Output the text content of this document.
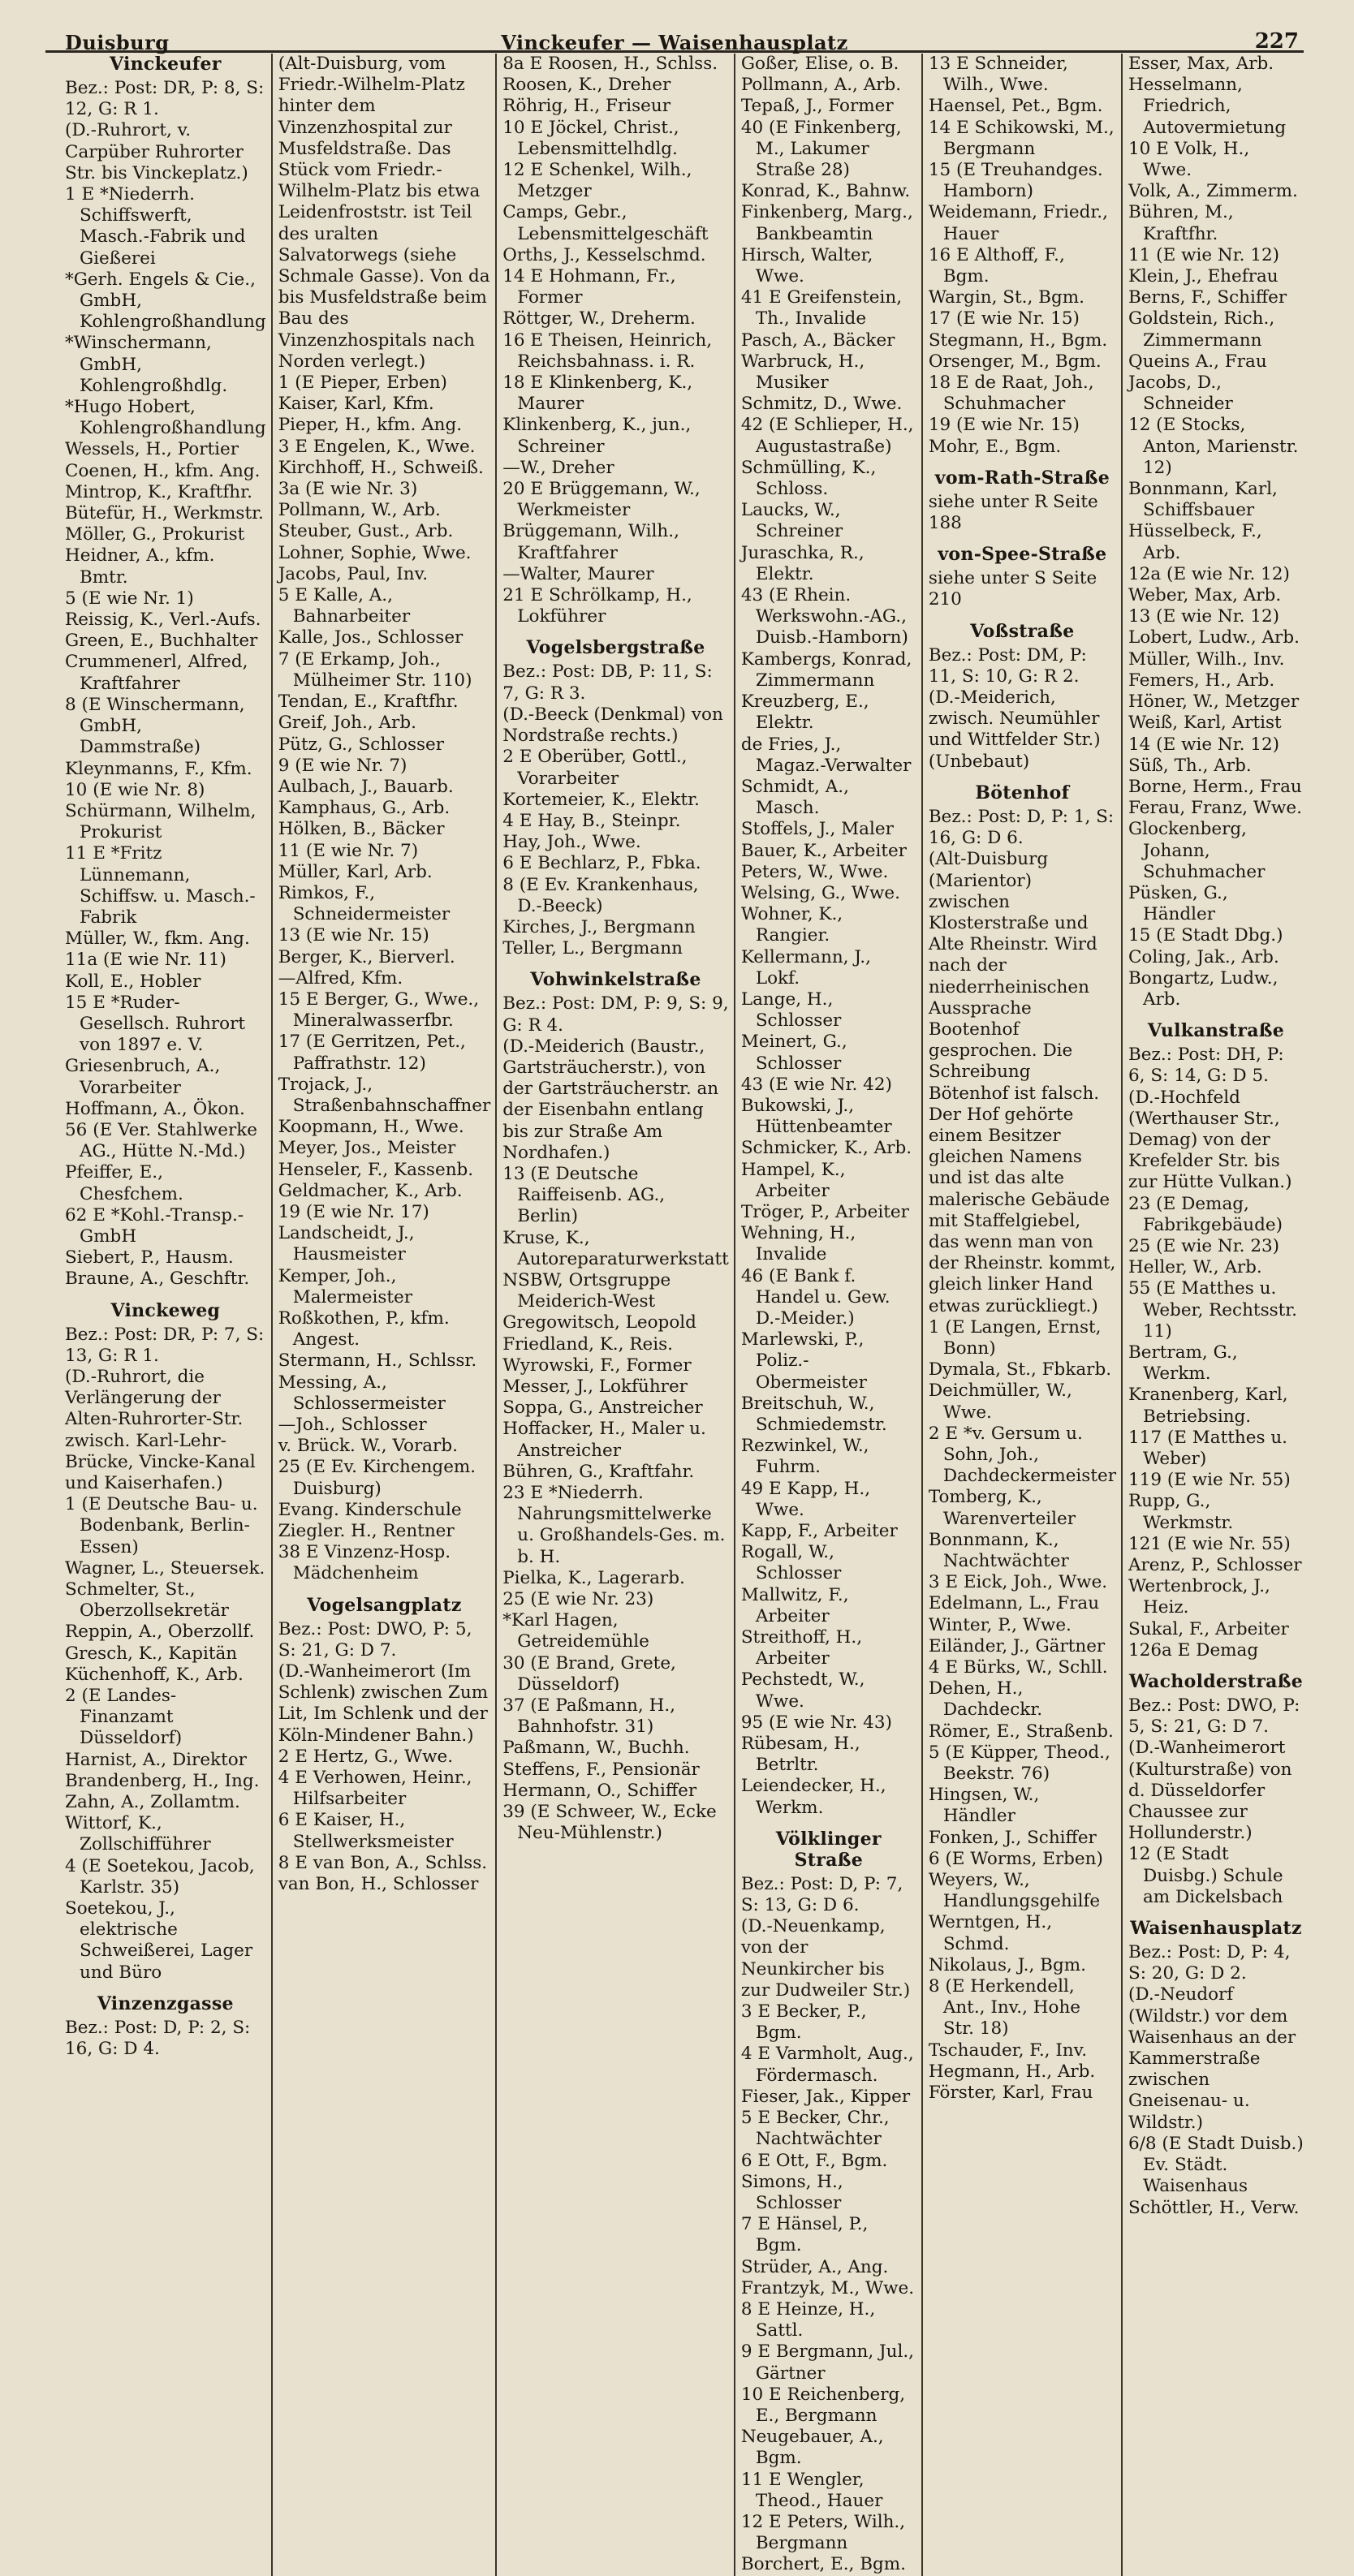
Duisburg	Vinckeufer — Waisenhausplatz	227
Vinckeufer
Bez.: Post: DR, P: 8, S: 12, G: R 1.
(D.-Ruhrort, v. Carpüber Ruhrorter Str. bis Vinckeplatz.)
1 E *Niederrh. Schiffswerft, Masch.-Fabrik und Gießerei
*Gerh. Engels & Cie., GmbH, Kohlengroßhandlung
*Winschermann, GmbH, Kohlengroßhdlg.
*Hugo Hobert, Kohlengroßhandlung
Wessels, H., Portier
Coenen, H., kfm. Ang.
Mintrop, K., Kraftfhr.
Bütefür, H., Werkmstr.
Möller, G., Prokurist
Heidner, A., kfm. Bmtr.
5 (E wie Nr. 1)
Reissig, K., Verl.-Aufs.
Green, E., Buchhalter
Crummenerl, Alfred, Kraftfahrer
8 (E Winschermann, GmbH, Dammstraße)
Kleynmanns, F., Kfm.
10 (E wie Nr. 8)
Schürmann, Wilhelm, Prokurist
11 E *Fritz Lünnemann, Schiffsw. u. Masch.-Fabrik
Müller, W., fkm. Ang.
11a (E wie Nr. 11)
Koll, E., Hobler
15 E *Ruder-Gesellsch. Ruhrort von 1897 e. V.
Griesenbruch, A., Vorarbeiter
Hoffmann, A., Ökon.
56 (E Ver. Stahlwerke AG., Hütte N.-Md.)
Pfeiffer, E., Chesfchem.
62 E *Kohl.-Transp.-GmbH
Siebert, P., Hausm.
Braune, A., Geschftr.
Vinckeweg
Bez.: Post: DR, P: 7, S: 13, G: R 1.
(D.-Ruhrort, die Verlängerung der Alten-Ruhrorter-Str. zwisch. Karl-Lehr-Brücke, Vincke-Kanal und Kaiserhafen.)
1 (E Deutsche Bau- u. Bodenbank, Berlin-Essen)
Wagner, L., Steuersek.
Schmelter, St., Oberzollsekretär
Reppin, A., Oberzollf.
Gresch, K., Kapitän
Küchenhoff, K., Arb.
2 (E Landes-Finanzamt Düsseldorf)
Harnist, A., Direktor
Brandenberg, H., Ing.
Zahn, A., Zollamtm.
Wittorf, K., Zollschifführer
4 (E Soetekou, Jacob, Karlstr. 35)
Soetekou, J., elektrische Schweißerei, Lager und Büro
Vinzenzgasse
Bez.: Post: D, P: 2, S: 16, G: D 4.
(Alt-Duisburg, vom Friedr.-Wilhelm-Platz hinter dem Vinzenzhospital zur Musfeldstraße. Das Stück vom Friedr.-Wilhelm-Platz bis etwa Leidenfroststr. ist Teil des uralten Salvatorwegs (siehe Schmale Gasse). Von da bis Musfeldstraße beim Bau des Vinzenzhospitals nach Norden verlegt.)
1 (E Pieper, Erben)
Kaiser, Karl, Kfm.
Pieper, H., kfm. Ang.
3 E Engelen, K., Wwe.
Kirchhoff, H., Schweiß.
3a (E wie Nr. 3)
Pollmann, W., Arb.
Steuber, Gust., Arb.
Lohner, Sophie, Wwe.
Jacobs, Paul, Inv.
5 E Kalle, A., Bahnarbeiter
Kalle, Jos., Schlosser
7 (E Erkamp, Joh., Mülheimer Str. 110)
Tendan, E., Kraftfhr.
Greif, Joh., Arb.
Pütz, G., Schlosser
9 (E wie Nr. 7)
Aulbach, J., Bauarb.
Kamphaus, G., Arb.
Hölken, B., Bäcker
11 (E wie Nr. 7)
Müller, Karl, Arb.
Rimkos, F., Schneidermeister
13 (E wie Nr. 15)
Berger, K., Bierverl.
—Alfred, Kfm.
15 E Berger, G., Wwe., Mineralwasserfbr.
17 (E Gerritzen, Pet., Paffrathstr. 12)
Trojack, J., Straßenbahnschaffner
Koopmann, H., Wwe.
Meyer, Jos., Meister
Henseler, F., Kassenb.
Geldmacher, K., Arb.
19 (E wie Nr. 17)
Landscheidt, J., Hausmeister
Kemper, Joh., Malermeister
Roßkothen, P., kfm. Angest.
Stermann, H., Schlssr.
Messing, A., Schlossermeister
—Joh., Schlosser
v. Brück. W., Vorarb.
25 (E Ev. Kirchengem. Duisburg)
Evang. Kinderschule
Ziegler. H., Rentner
38 E Vinzenz-Hosp. Mädchenheim
Vogelsangplatz
Bez.: Post: DWO, P: 5, S: 21, G: D 7.
(D.-Wanheimerort (Im Schlenk) zwischen Zum Lit, Im Schlenk und der Köln-Mindener Bahn.)
2 E Hertz, G., Wwe.
4 E Verhowen, Heinr., Hilfsarbeiter
6 E Kaiser, H., Stellwerksmeister
8 E van Bon, A., Schlss.
van Bon, H., Schlosser
8a E Roosen, H., Schlss.
Roosen, K., Dreher
Röhrig, H., Friseur
10 E Jöckel, Christ., Lebensmittelhdlg.
12 E Schenkel, Wilh., Metzger
Camps, Gebr., Lebensmittelgeschäft
Orths, J., Kesselschmd.
14 E Hohmann, Fr., Former
Röttger, W., Dreherm.
16 E Theisen, Heinrich, Reichsbahnass. i. R.
18 E Klinkenberg, K., Maurer
Klinkenberg, K., jun., Schreiner
—W., Dreher
20 E Brüggemann, W., Werkmeister
Brüggemann, Wilh., Kraftfahrer
—Walter, Maurer
21 E Schrölkamp, H., Lokführer
Vogelsbergstraße
Bez.: Post: DB, P: 11, S: 7, G: R 3.
(D.-Beeck (Denkmal) von Nordstraße rechts.)
2 E Oberüber, Gottl., Vorarbeiter
Kortemeier, K., Elektr.
4 E Hay, B., Steinpr.
Hay, Joh., Wwe.
6 E Bechlarz, P., Fbka.
8 (E Ev. Krankenhaus, D.-Beeck)
Kirches, J., Bergmann
Teller, L., Bergmann
Vohwinkelstraße
Bez.: Post: DM, P: 9, S: 9, G: R 4.
(D.-Meiderich (Baustr., Gartsträucherstr.), von der Gartsträucherstr. an der Eisenbahn entlang bis zur Straße Am Nordhafen.)
13 (E Deutsche Raiffeisenb. AG., Berlin)
Kruse, K., Autoreparaturwerkstatt
NSBW, Ortsgruppe Meiderich-West
Gregowitsch, Leopold
Friedland, K., Reis.
Wyrowski, F., Former
Messer, J., Lokführer
Soppa, G., Anstreicher
Hoffacker, H., Maler u. Anstreicher
Bühren, G., Kraftfahr.
23 E *Niederrh. Nahrungsmittelwerke u. Großhandels-Ges. m. b. H.
Pielka, K., Lagerarb.
25 (E wie Nr. 23)
*Karl Hagen, Getreidemühle
30 (E Brand, Grete, Düsseldorf)
37 (E Paßmann, H., Bahnhofstr. 31)
Paßmann, W., Buchh.
Steffens, F., Pensionär
Hermann, O., Schiffer
39 (E Schweer, W., Ecke Neu-Mühlenstr.)
Goßer, Elise, o. B.
Pollmann, A., Arb.
Tepaß, J., Former
40 (E Finkenberg, M., Lakumer Straße 28)
Konrad, K., Bahnw.
Finkenberg, Marg., Bankbeamtin
Hirsch, Walter, Wwe.
41 E Greifenstein, Th., Invalide
Pasch, A., Bäcker
Warbruck, H., Musiker
Schmitz, D., Wwe.
42 (E Schlieper, H., Augustastraße)
Schmülling, K., Schloss.
Laucks, W., Schreiner
Juraschka, R., Elektr.
43 (E Rhein. Werkswohn.-AG., Duisb.-Hamborn)
Kambergs, Konrad, Zimmermann
Kreuzberg, E., Elektr.
de Fries, J., Magaz.-Verwalter
Schmidt, A., Masch.
Stoffels, J., Maler
Bauer, K., Arbeiter
Peters, W., Wwe.
Welsing, G., Wwe.
Wohner, K., Rangier.
Kellermann, J., Lokf.
Lange, H., Schlosser
Meinert, G., Schlosser
43 (E wie Nr. 42)
Bukowski, J., Hüttenbeamter
Schmicker, K., Arb.
Hampel, K., Arbeiter
Tröger, P., Arbeiter
Wehning, H., Invalide
46 (E Bank f. Handel u. Gew. D.-Meider.)
Marlewski, P., Poliz.-Obermeister
Breitschuh, W., Schmiedemstr.
Rezwinkel, W., Fuhrm.
49 E Kapp, H., Wwe.
Kapp, F., Arbeiter
Rogall, W., Schlosser
Mallwitz, F., Arbeiter
Streithoff, H., Arbeiter
Pechstedt, W., Wwe.
95 (E wie Nr. 43)
Rübesam, H., Betrltr.
Leiendecker, H., Werkm.
Völklinger Straße
Bez.: Post: D, P: 7, S: 13, G: D 6.
(D.-Neuenkamp, von der Neunkircher bis zur Dudweiler Str.)
3 E Becker, P., Bgm.
4 E Varmholt, Aug., Fördermasch.
Fieser, Jak., Kipper
5 E Becker, Chr., Nachtwächter
6 E Ott, F., Bgm.
Simons, H., Schlosser
7 E Hänsel, P., Bgm.
Strüder, A., Ang.
Frantzyk, M., Wwe.
8 E Heinze, H., Sattl.
9 E Bergmann, Jul., Gärtner
10 E Reichenberg, E., Bergmann
Neugebauer, A., Bgm.
11 E Wengler, Theod., Hauer
12 E Peters, Wilh., Bergmann
Borchert, E., Bgm.
13 E Schneider, Wilh., Wwe.
Haensel, Pet., Bgm.
14 E Schikowski, M., Bergmann
15 (E Treuhandges. Hamborn)
Weidemann, Friedr., Hauer
16 E Althoff, F., Bgm.
Wargin, St., Bgm.
17 (E wie Nr. 15)
Stegmann, H., Bgm.
Orsenger, M., Bgm.
18 E de Raat, Joh., Schuhmacher
19 (E wie Nr. 15)
Mohr, E., Bgm.
vom-Rath-Straße
siehe unter R Seite 188
von-Spee-Straße
siehe unter S Seite 210
Voßstraße
Bez.: Post: DM, P: 11, S: 10, G: R 2.
(D.-Meiderich, zwisch. Neumühler und Wittfelder Str.)
(Unbebaut)
Bötenhof
Bez.: Post: D, P: 1, S: 16, G: D 6.
(Alt-Duisburg (Marientor) zwischen Klosterstraße und Alte Rheinstr. Wird nach der niederrheinischen Aussprache Bootenhof gesprochen. Die Schreibung Bötenhof ist falsch. Der Hof gehörte einem Besitzer gleichen Namens und ist das alte malerische Gebäude mit Staffelgiebel, das wenn man von der Rheinstr. kommt, gleich linker Hand etwas zurückliegt.)
1 (E Langen, Ernst, Bonn)
Dymala, St., Fbkarb.
Deichmüller, W., Wwe.
2 E *v. Gersum u. Sohn, Joh., Dachdeckermeister
Tomberg, K., Warenverteiler
Bonnmann, K., Nachtwächter
3 E Eick, Joh., Wwe.
Edelmann, L., Frau
Winter, P., Wwe.
Eiländer, J., Gärtner
4 E Bürks, W., Schll.
Dehen, H., Dachdeckr.
Römer, E., Straßenb.
5 (E Küpper, Theod., Beekstr. 76)
Hingsen, W., Händler
Fonken, J., Schiffer
6 (E Worms, Erben)
Weyers, W., Handlungsgehilfe
Werntgen, H., Schmd.
Nikolaus, J., Bgm.
8 (E Herkendell, Ant., Inv., Hohe Str. 18)
Tschauder, F., Inv.
Hegmann, H., Arb.
Förster, Karl, Frau
Esser, Max, Arb.
Hesselmann, Friedrich, Autovermietung
10 E Volk, H., Wwe.
Volk, A., Zimmerm.
Bühren, M., Kraftfhr.
11 (E wie Nr. 12)
Klein, J., Ehefrau
Berns, F., Schiffer
Goldstein, Rich., Zimmermann
Queins A., Frau
Jacobs, D., Schneider
12 (E Stocks, Anton, Marienstr. 12)
Bonnmann, Karl, Schiffsbauer
Hüsselbeck, F., Arb.
12a (E wie Nr. 12)
Weber, Max, Arb.
13 (E wie Nr. 12)
Lobert, Ludw., Arb.
Müller, Wilh., Inv.
Femers, H., Arb.
Höner, W., Metzger
Weiß, Karl, Artist
14 (E wie Nr. 12)
Süß, Th., Arb.
Borne, Herm., Frau
Ferau, Franz, Wwe.
Glockenberg, Johann, Schuhmacher
Püsken, G., Händler
15 (E Stadt Dbg.)
Coling, Jak., Arb.
Bongartz, Ludw., Arb.
Vulkanstraße
Bez.: Post: DH, P: 6, S: 14, G: D 5.
(D.-Hochfeld (Werthauser Str., Demag) von der Krefelder Str. bis zur Hütte Vulkan.)
23 (E Demag, Fabrikgebäude)
25 (E wie Nr. 23)
Heller, W., Arb.
55 (E Matthes u. Weber, Rechtsstr. 11)
Bertram, G., Werkm.
Kranenberg, Karl, Betriebsing.
117 (E Matthes u. Weber)
119 (E wie Nr. 55)
Rupp, G., Werkmstr.
121 (E wie Nr. 55)
Arenz, P., Schlosser
Wertenbrock, J., Heiz.
Sukal, F., Arbeiter
126a E Demag
Wacholderstraße
Bez.: Post: DWO, P: 5, S: 21, G: D 7.
(D.-Wanheimerort (Kulturstraße) von d. Düsseldorfer Chaussee zur Hollunderstr.)
12 (E Stadt Duisbg.) Schule am Dickelsbach
Waisenhausplatz
Bez.: Post: D, P: 4, S: 20, G: D 2.
(D.-Neudorf (Wildstr.) vor dem Waisenhaus an der Kammerstraße zwischen Gneisenau- u. Wildstr.)
6/8 (E Stadt Duisb.) Ev. Städt. Waisenhaus
Schöttler, H., Verw.
